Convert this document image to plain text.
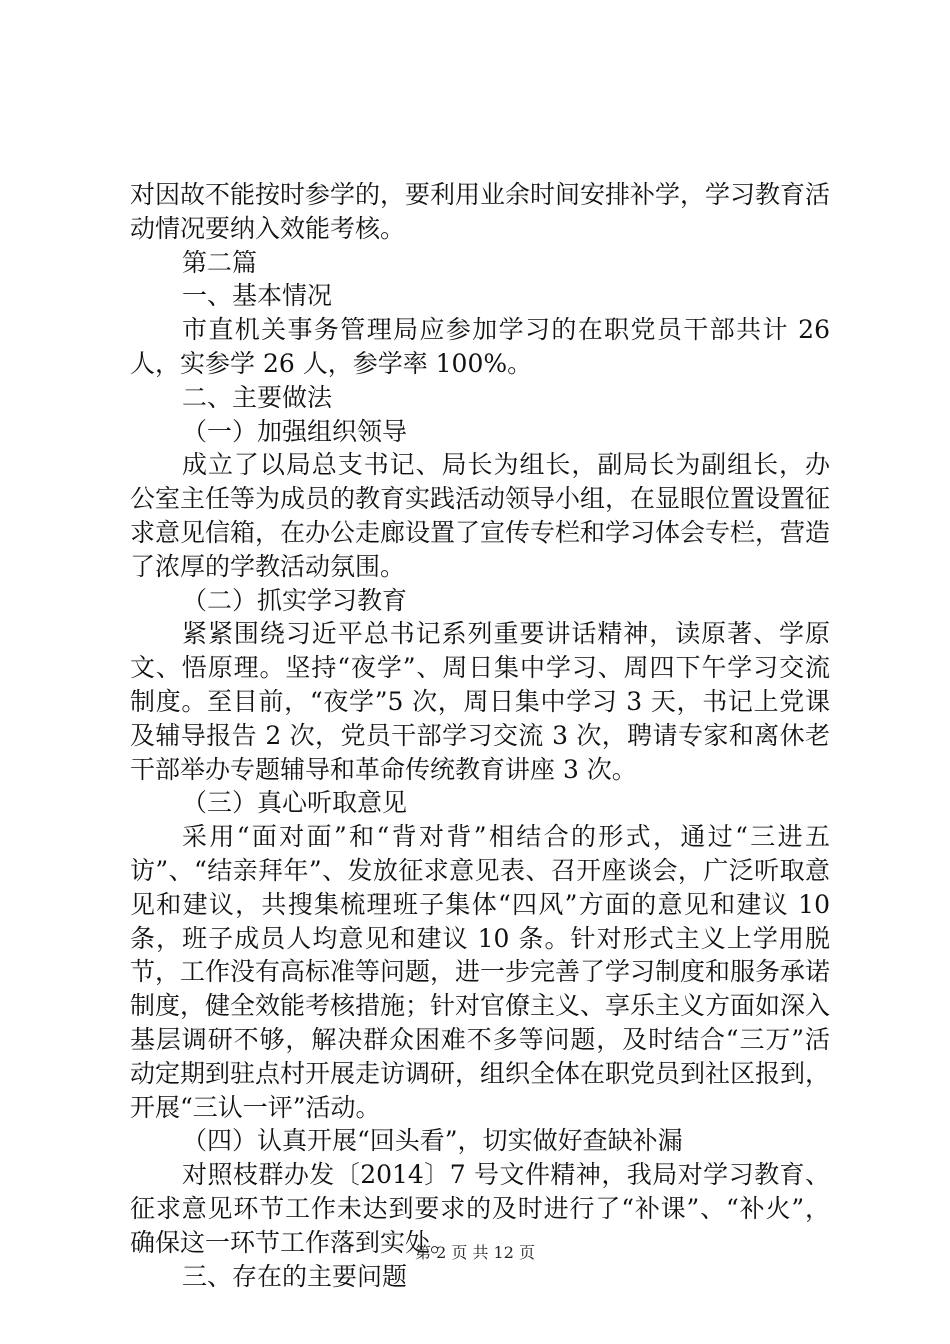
对因故不能按时参学的，要利用业余时间安排补学，学习教育活动情况要纳入效能考核。

第二篇

一、基本情况

市直机关事务管理局应参加学习的在职党员干部共计 26 人，实参学 26 人，参学率 100%。

二、主要做法

（一）加强组织领导

成立了以局总支书记、局长为组长，副局长为副组长，办公室主任等为成员的教育实践活动领导小组，在显眼位置设置征求意见信箱，在办公走廊设置了宣传专栏和学习体会专栏，营造了浓厚的学教活动氛围。

（二）抓实学习教育

紧紧围绕习近平总书记系列重要讲话精神，读原著、学原文、悟原理。坚持“夜学”、周日集中学习、周四下午学习交流制度。至目前，“夜学”5 次，周日集中学习 3 天，书记上党课及辅导报告 2 次，党员干部学习交流 3 次，聘请专家和离休老干部举办专题辅导和革命传统教育讲座 3 次。

（三）真心听取意见

采用“面对面”和“背对背”相结合的形式，通过“三进五访”、“结亲拜年”、发放征求意见表、召开座谈会，广泛听取意见和建议，共搜集梳理班子集体“四风”方面的意见和建议 10 条，班子成员人均意见和建议 10 条。针对形式主义上学用脱节，工作没有高标准等问题，进一步完善了学习制度和服务承诺制度，健全效能考核措施；针对官僚主义、享乐主义方面如深入基层调研不够，解决群众困难不多等问题，及时结合“三万”活动定期到驻点村开展走访调研，组织全体在职党员到社区报到，开展“三认一评”活动。

（四）认真开展“回头看”，切实做好查缺补漏

对照枝群办发〔2014〕7 号文件精神，我局对学习教育、征求意见环节工作未达到要求的及时进行了“补课”、“补火”，确保这一环节工作落到实处。

三、存在的主要问题

第 2 页 共 12 页
